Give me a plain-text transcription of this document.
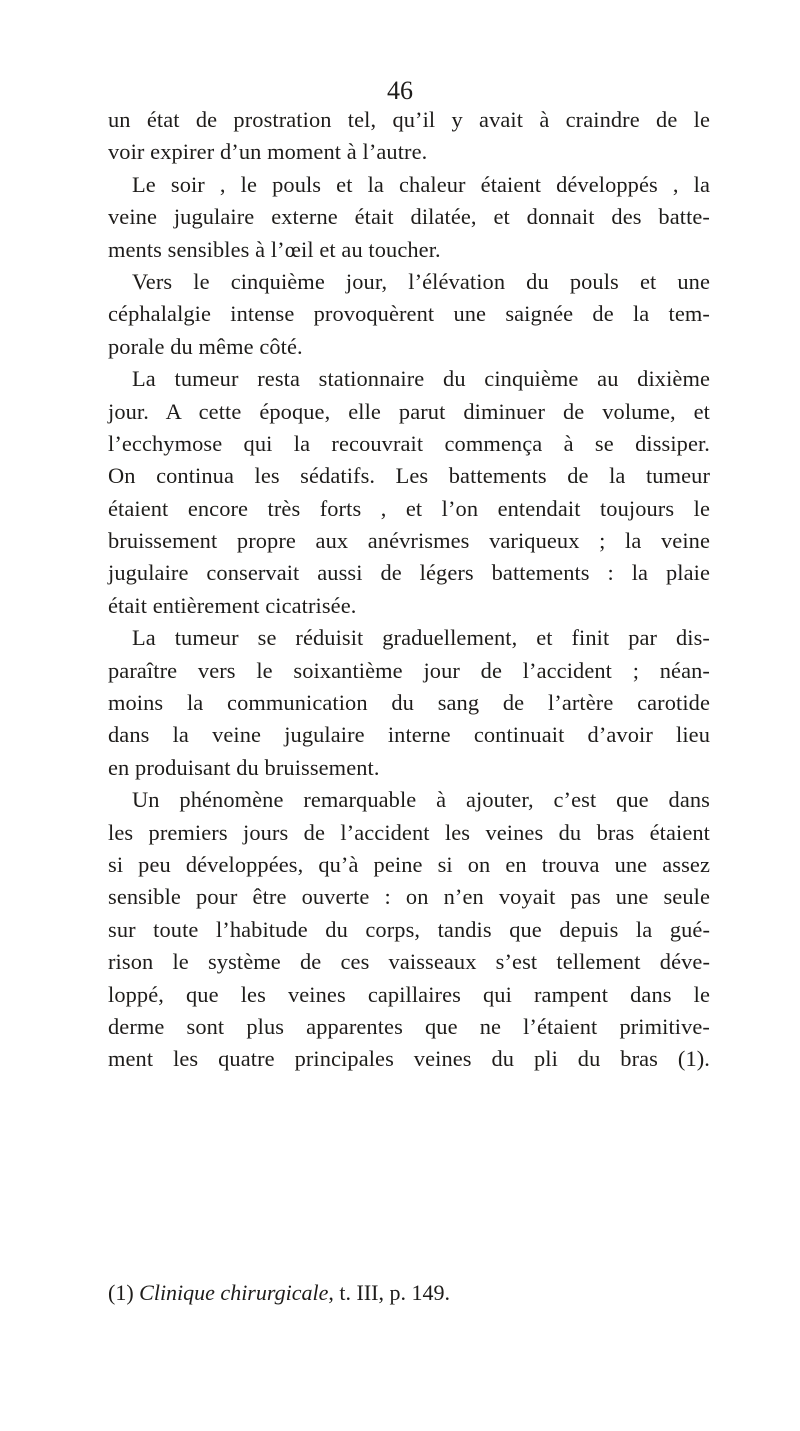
46
un état de prostration tel, qu’il y avait à craindre de le
voir expirer d’un moment à l’autre.
Le soir , le pouls et la chaleur étaient développés , la
veine jugulaire externe était dilatée, et donnait des batte-
ments sensibles à l’œil et au toucher.
Vers le cinquième jour, l’élévation du pouls et une
céphalalgie intense provoquèrent une saignée de la tem-
porale du même côté.
La tumeur resta stationnaire du cinquième au dixième
jour. A cette époque, elle parut diminuer de volume, et
l’ecchymose qui la recouvrait commença à se dissiper.
On continua les sédatifs. Les battements de la tumeur
étaient encore très forts , et l’on entendait toujours le
bruissement propre aux anévrismes variqueux ; la veine
jugulaire conservait aussi de légers battements : la plaie
était entièrement cicatrisée.
La tumeur se réduisit graduellement, et finit par dis-
paraître vers le soixantième jour de l’accident ; néan-
moins la communication du sang de l’artère carotide
dans la veine jugulaire interne continuait d’avoir lieu
en produisant du bruissement.
Un phénomène remarquable à ajouter, c’est que dans
les premiers jours de l’accident les veines du bras étaient
si peu développées, qu’à peine si on en trouva une assez
sensible pour être ouverte : on n’en voyait pas une seule
sur toute l’habitude du corps, tandis que depuis la gué-
rison le système de ces vaisseaux s’est tellement déve-
loppé, que les veines capillaires qui rampent dans le
derme sont plus apparentes que ne l’étaient primitive-
ment les quatre principales veines du pli du bras (1).
(1) Clinique chirurgicale, t. III, p. 149.
